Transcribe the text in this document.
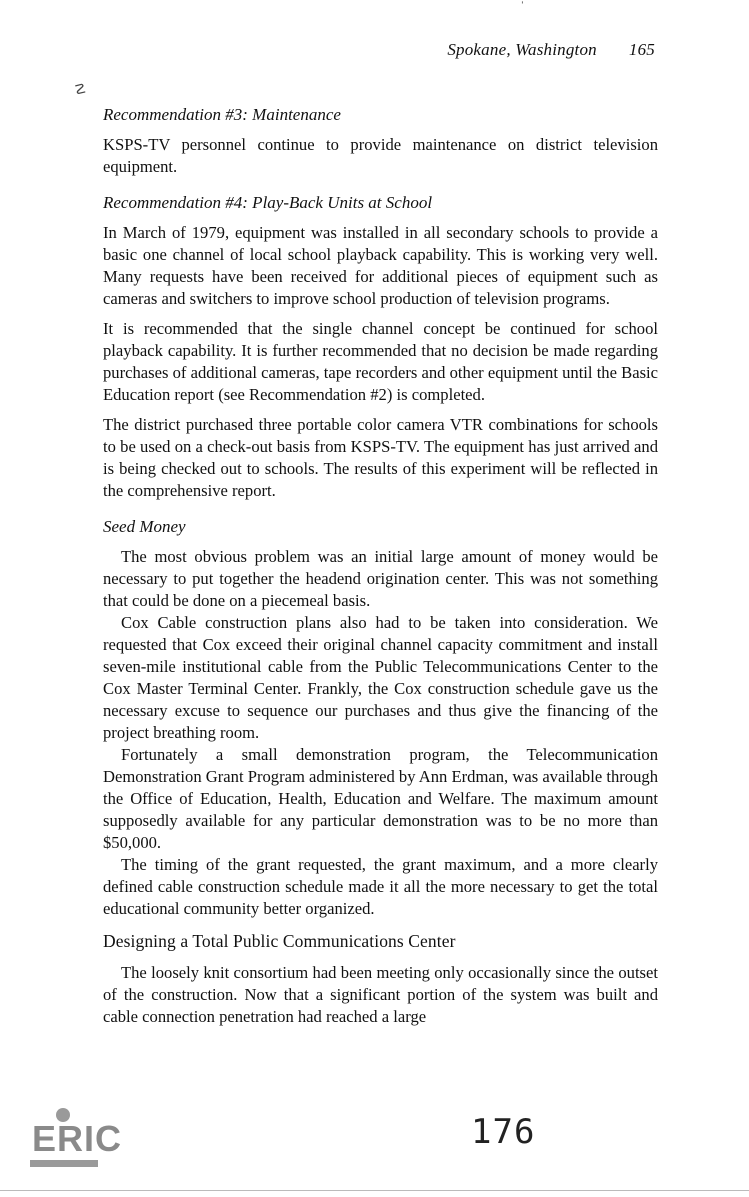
Spokane, Washington 165
☡
ˈ
Recommendation #3: Maintenance

KSPS-TV personnel continue to provide maintenance on district television equipment.

Recommendation #4: Play-Back Units at School

In March of 1979, equipment was installed in all secondary schools to provide a basic one channel of local school playback capability. This is working very well. Many requests have been received for additional pieces of equipment such as cameras and switchers to improve school production of television programs.

It is recommended that the single channel concept be continued for school playback capability. It is further recommended that no decision be made regarding purchases of additional cameras, tape recorders and other equipment until the Basic Education report (see Recommendation #2) is completed.

The district purchased three portable color camera VTR combinations for schools to be used on a check-out basis from KSPS-TV. The equipment has just arrived and is being checked out to schools. The results of this experiment will be reflected in the comprehensive report.

Seed Money

The most obvious problem was an initial large amount of money would be necessary to put together the headend origination center. This was not something that could be done on a piecemeal basis.

Cox Cable construction plans also had to be taken into consideration. We requested that Cox exceed their original channel capacity commitment and install seven-mile institutional cable from the Public Telecommunications Center to the Cox Master Terminal Center. Frankly, the Cox construction schedule gave us the necessary excuse to sequence our purchases and thus give the financing of the project breathing room.

Fortunately a small demonstration program, the Telecommunication Demonstration Grant Program administered by Ann Erdman, was available through the Office of Education, Health, Education and Welfare. The maximum amount supposedly available for any particular demonstration was to be no more than $50,000.

The timing of the grant requested, the grant maximum, and a more clearly defined cable construction schedule made it all the more necessary to get the total educational community better organized.

Designing a Total Public Communications Center

The loosely knit consortium had been meeting only occasionally since the outset of the construction. Now that a significant portion of the system was built and cable connection penetration had reached a large

176
ERIC
